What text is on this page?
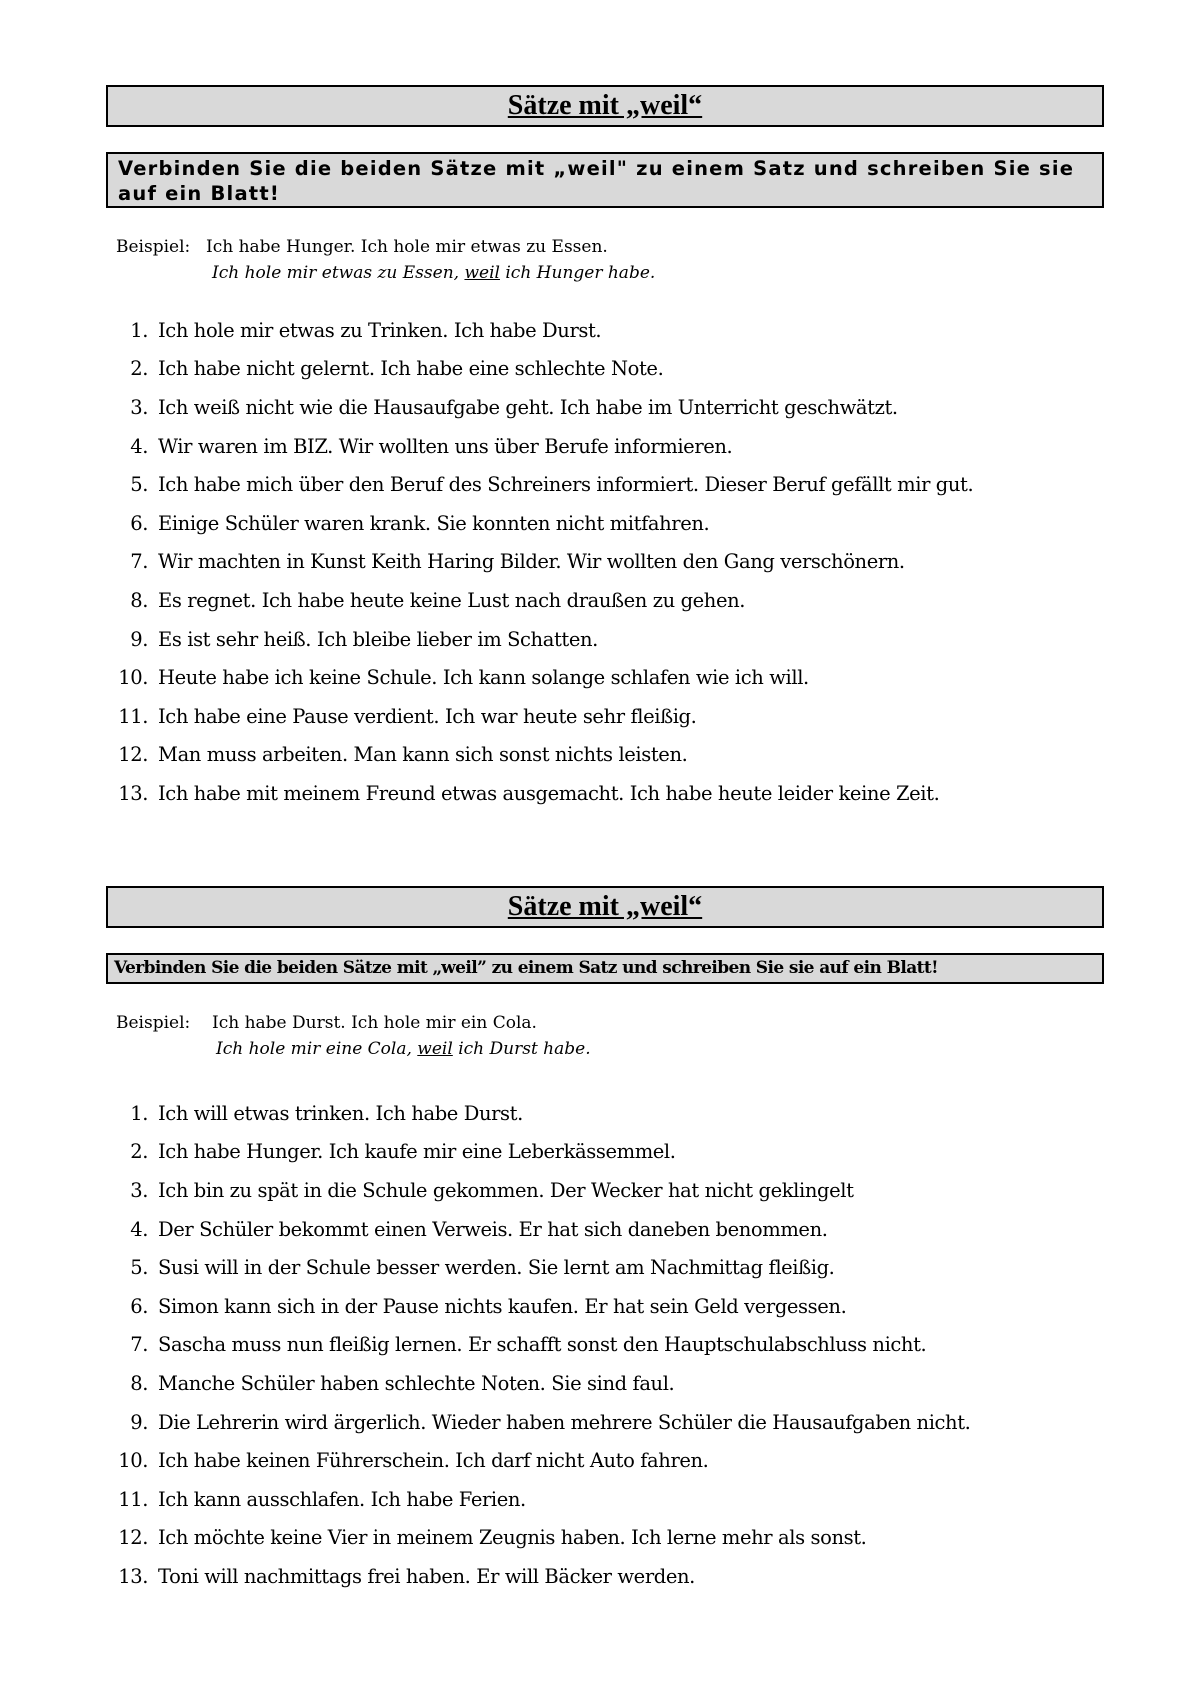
Sätze mit „weil“
Verbinden Sie die beiden Sätze mit „weil" zu einem Satz und schreiben Sie sie auf ein Blatt!
Beispiel: Ich habe Hunger. Ich hole mir etwas zu Essen.
Ich hole mir etwas zu Essen, weil ich Hunger habe.
1. Ich hole mir etwas zu Trinken. Ich habe Durst.
2. Ich habe nicht gelernt. Ich habe eine schlechte Note.
3. Ich weiß nicht wie die Hausaufgabe geht. Ich habe im Unterricht geschwätzt.
4. Wir waren im BIZ. Wir wollten uns über Berufe informieren.
5. Ich habe mich über den Beruf des Schreiners informiert. Dieser Beruf gefällt mir gut.
6. Einige Schüler waren krank. Sie konnten nicht mitfahren.
7. Wir machten in Kunst Keith Haring Bilder. Wir wollten den Gang verschönern.
8. Es regnet. Ich habe heute keine Lust nach draußen zu gehen.
9. Es ist sehr heiß. Ich bleibe lieber im Schatten.
10. Heute habe ich keine Schule. Ich kann solange schlafen wie ich will.
11. Ich habe eine Pause verdient. Ich war heute sehr fleißig.
12. Man muss arbeiten. Man kann sich sonst nichts leisten.
13. Ich habe mit meinem Freund etwas ausgemacht. Ich habe heute leider keine Zeit.
Sätze mit „weil“
Verbinden Sie die beiden Sätze mit „weil” zu einem Satz und schreiben Sie sie auf ein Blatt!
Beispiel: Ich habe Durst. Ich hole mir ein Cola.
Ich hole mir eine Cola, weil ich Durst habe.
1. Ich will etwas trinken. Ich habe Durst.
2. Ich habe Hunger. Ich kaufe mir eine Leberkässemmel.
3. Ich bin zu spät in die Schule gekommen. Der Wecker hat nicht geklingelt
4. Der Schüler bekommt einen Verweis. Er hat sich daneben benommen.
5. Susi will in der Schule besser werden. Sie lernt am Nachmittag fleißig.
6. Simon kann sich in der Pause nichts kaufen. Er hat sein Geld vergessen.
7. Sascha muss nun fleißig lernen. Er schafft sonst den Hauptschulabschluss nicht.
8. Manche Schüler haben schlechte Noten. Sie sind faul.
9. Die Lehrerin wird ärgerlich. Wieder haben mehrere Schüler die Hausaufgaben nicht.
10. Ich habe keinen Führerschein. Ich darf nicht Auto fahren.
11. Ich kann ausschlafen. Ich habe Ferien.
12. Ich möchte keine Vier in meinem Zeugnis haben. Ich lerne mehr als sonst.
13. Toni will nachmittags frei haben. Er will Bäcker werden.
